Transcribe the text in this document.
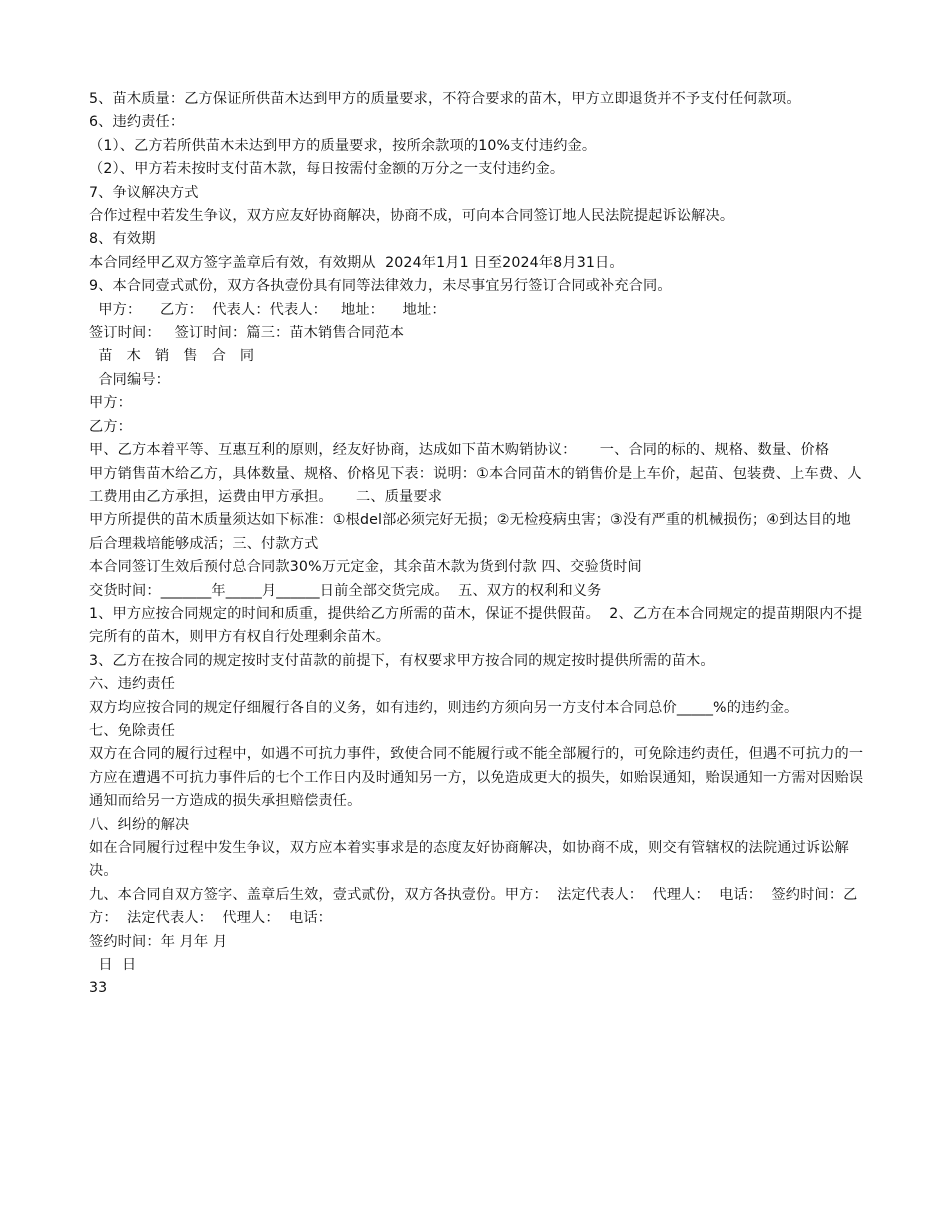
5、苗木质量：乙方保证所供苗木达到甲方的质量要求，不符合要求的苗木，甲方立即退货并不予支付任何款项。

6、违约责任：

（1）、乙方若所供苗木未达到甲方的质量要求，按所余款项的10%支付违约金。

（2）、甲方若未按时支付苗木款，每日按需付金额的万分之一支付违约金。

7、争议解决方式

合作过程中若发生争议，双方应友好协商解决，协商不成，可向本合同签订地人民法院提起诉讼解决。

8、有效期

本合同经甲乙双方签字盖章后有效，有效期从  2024年1月1 日至2024年8月31日。

9、本合同壹式贰份，双方各执壹份具有同等法律效力，未尽事宜另行签订合同或补充合同。

甲方：    乙方：  代表人：代表人：   地址：    地址：

签订时间：   签订时间：篇三：苗木销售合同范本

苗   木   销   售   合   同

合同编号：

甲方：

乙方：

甲、乙方本着平等、互惠互利的原则，经友好协商，达成如下苗木购销协议：     一、合同的标的、规格、数量、价格

甲方销售苗木给乙方，具体数量、规格、价格见下表：说明：①本合同苗木的销售价是上车价，起苗、包装费、上车费、人工费用由乙方承担，运费由甲方承担。     二、质量要求

甲方所提供的苗木质量须达如下标准：①根del部必须完好无损；②无检疫病虫害；③没有严重的机械损伤；④到达目的地后合理栽培能够成活；三、付款方式

本合同签订生效后预付总合同款30%万元定金，其余苗木款为货到付款 四、交验货时间

交货时间：_______年_____月______日前全部交货完成。  五、双方的权利和义务

1、甲方应按合同规定的时间和质重，提供给乙方所需的苗木，保证不提供假苗。  2、乙方在本合同规定的提苗期限内不提完所有的苗木，则甲方有权自行处理剩余苗木。

3、乙方在按合同的规定按时支付苗款的前提下，有权要求甲方按合同的规定按时提供所需的苗木。

六、违约责任

双方均应按合同的规定仔细履行各自的义务，如有违约，则违约方须向另一方支付本合同总价_____%的违约金。

七、免除责任

双方在合同的履行过程中，如遇不可抗力事件，致使合同不能履行或不能全部履行的，可免除违约责任，但遇不可抗力的一方应在遭遇不可抗力事件后的七个工作日内及时通知另一方，以免造成更大的损失，如贻误通知，贻误通知一方需对因贻误通知而给另一方造成的损失承担赔偿责任。

八、纠纷的解决

如在合同履行过程中发生争议，双方应本着实事求是的态度友好协商解决，如协商不成，则交有管辖权的法院通过诉讼解决。

九、本合同自双方签字、盖章后生效，壹式贰份，双方各执壹份。甲方：  法定代表人：  代理人：  电话：  签约时间：乙方：  法定代表人：  代理人：  电话：

签约时间：年 月年 月

日  日

33
